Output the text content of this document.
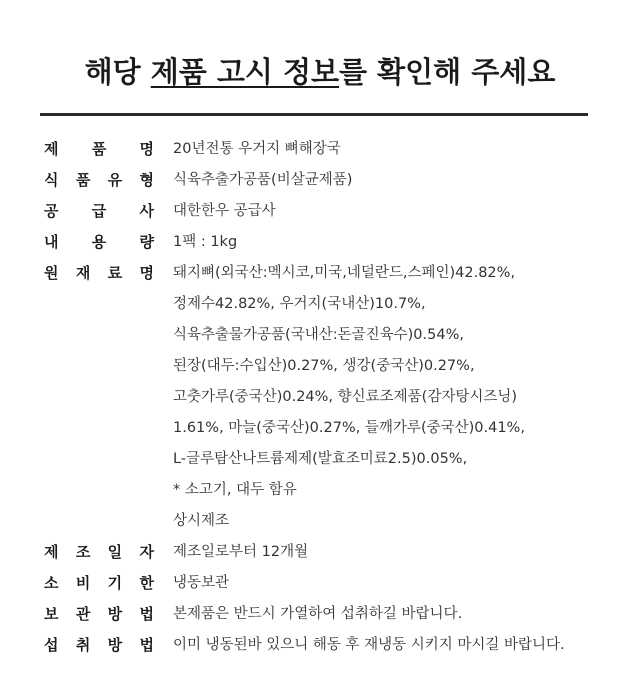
해당 제품 고시 정보를 확인해 주세요
제 품 명 20년전통 우거지 뼈해장국
식 품 유 형 식육추출가공품(비살균제품)
공 급 사 대한한우 공급사
내 용 량 1팩 : 1kg
원 재 료 명 돼지뼈(외국산:멕시코,미국,네덜란드,스페인)42.82%,
정제수42.82%, 우거지(국내산)10.7%,
식육추출물가공품(국내산:돈골진육수)0.54%,
된장(대두:수입산)0.27%, 생강(중국산)0.27%,
고춧가루(중국산)0.24%, 향신료조제품(감자탕시즈닝)
1.61%, 마늘(중국산)0.27%, 들깨가루(중국산)0.41%,
L-글루탐산나트륨제제(발효조미료2.5)0.05%,
* 소고기, 대두 함유
상시제조
제 조 일 자 제조일로부터 12개월
소 비 기 한 냉동보관
보 관 방 법 본제품은 반드시 가열하여 섭취하길 바랍니다.
섭 취 방 법 이미 냉동된바 있으니 해동 후 재냉동 시키지 마시길 바랍니다.
